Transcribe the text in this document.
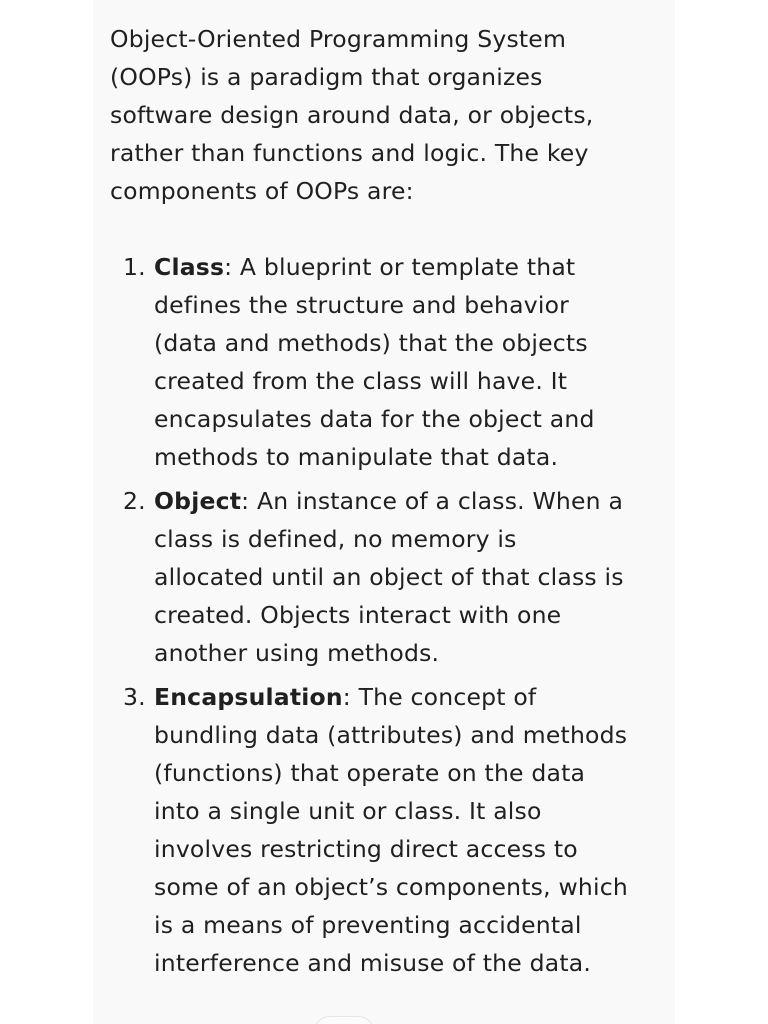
Object-Oriented Programming System (OOPs) is a paradigm that organizes software design around data, or objects, rather than functions and logic. The key components of OOPs are:

1. Class: A blueprint or template that defines the structure and behavior (data and methods) that the objects created from the class will have. It encapsulates data for the object and methods to manipulate that data.
2. Object: An instance of a class. When a class is defined, no memory is allocated until an object of that class is created. Objects interact with one another using methods.
3. Encapsulation: The concept of bundling data (attributes) and methods (functions) that operate on the data into a single unit or class. It also involves restricting direct access to some of an object’s components, which is a means of preventing accidental interference and misuse of the data.
